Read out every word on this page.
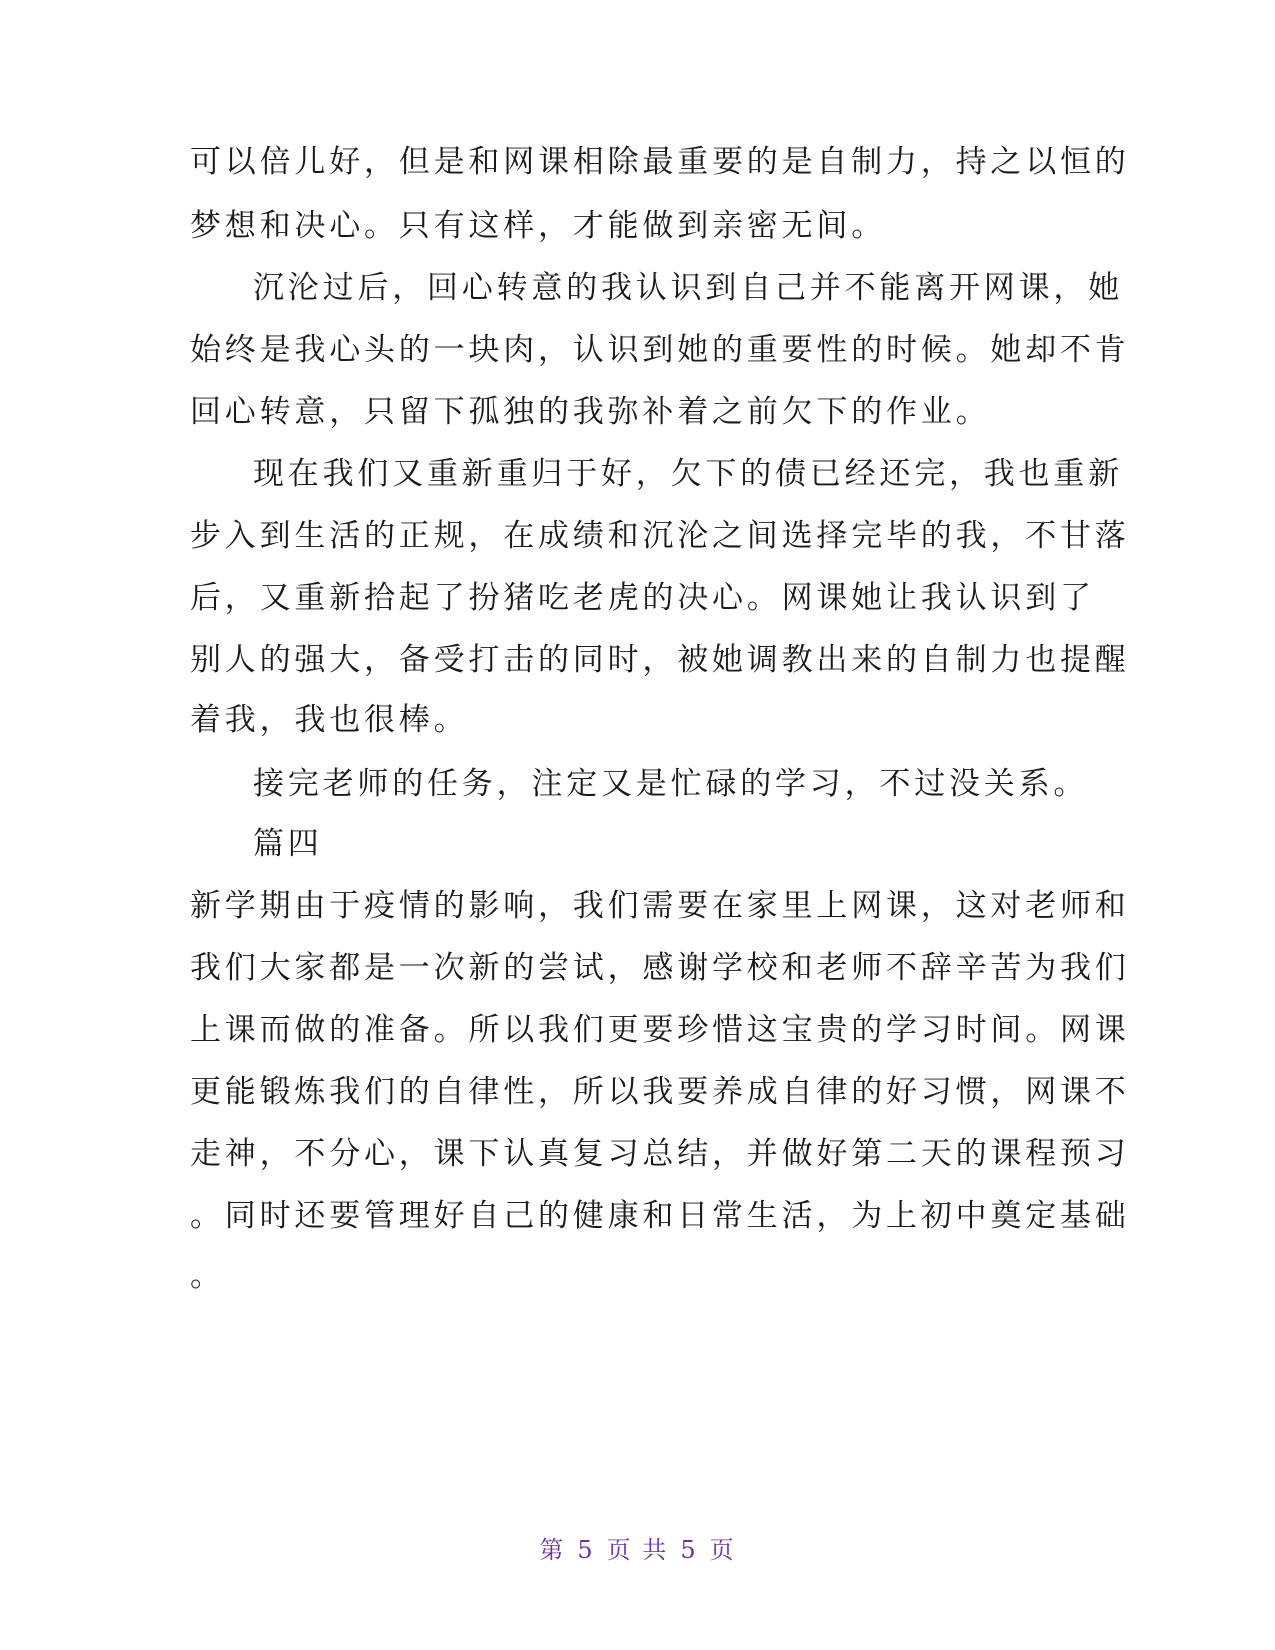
可以倍儿好，但是和网课相除最重要的是自制力，持之以恒的
梦想和决心。只有这样，才能做到亲密无间。
沉沦过后，回心转意的我认识到自己并不能离开网课，她
始终是我心头的一块肉，认识到她的重要性的时候。她却不肯
回心转意，只留下孤独的我弥补着之前欠下的作业。
现在我们又重新重归于好，欠下的债已经还完，我也重新
步入到生活的正规，在成绩和沉沦之间选择完毕的我，不甘落
后，又重新拾起了扮猪吃老虎的决心。网课她让我认识到了
别人的强大，备受打击的同时，被她调教出来的自制力也提醒
着我，我也很棒。
接完老师的任务，注定又是忙碌的学习，不过没关系。
篇四
新学期由于疫情的影响，我们需要在家里上网课，这对老师和
我们大家都是一次新的尝试，感谢学校和老师不辞辛苦为我们
上课而做的准备。所以我们更要珍惜这宝贵的学习时间。网课
更能锻炼我们的自律性，所以我要养成自律的好习惯，网课不
走神，不分心，课下认真复习总结，并做好第二天的课程预习
。同时还要管理好自己的健康和日常生活，为上初中奠定基础
。
第 5 页 共 5 页
